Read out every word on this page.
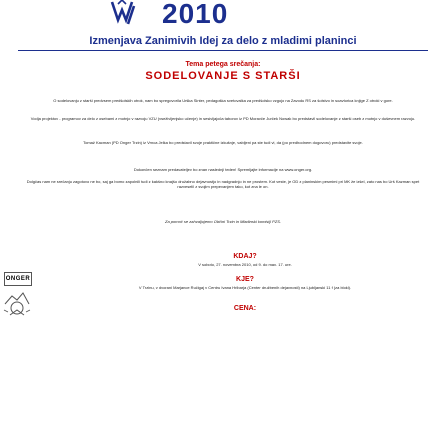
2010
Izmenjava Zanimivih Idej za delo z mladimi planinci
Tema petega srečanja:
SODELOVANJE S STARŠI
O sodelovanju z starši predvsem predšolskih otrok, nam bo spregovorila Urška Sinter, pedagoška svetovalka za predšolsko vzgojo na Zavodu RS za šolstvo in soavtorica knjige Z otroki v gore.
Vodja projektov - programov za delo z osebami z motnjo v razvoju VZU (vseživljenjsko učenje) in sesivljajoča taborov iz PD Moravče Jurček Nowak bo predstavil sodelovanje z starši oseb z motnjo v duševnem razvoju.
Tomaž Kacman (PD Onger Trzin) iz Vrnca Jelka bo predstavil svoje praktične izkušnje, vabljeni pa ste tudi vi, da (po predhodnem dogovoru) predstavite svoje.
Dokončen seznam predavateljev bo znan naslednji teden! Spremljajte informacije na www.onger.org.
Dolgčas nam ne srečanju zagotovo ne bo, saj ga bomo zapolnili tudi z kakšno knajšo družabno dejavnostjo in nadgradnjo in ne prostem. Kot veste, je OD z planinskim pesmimi pri MK že izšel, zato nas bo Urš Kazman spet razveselil z svojim prepevanjem tako, kot zna le on.
Za pomoč se zahvaljujemo Občini Trzin in Mladinski komisiji PZS.
KDAJ?
V soboto, 27. novembra 2010, od 9. do max. 17. ure.
KJE?
V Trzinu, v dvorani Marjance Ručigaj v Centru Ivana Hribarja (Center družbenih dejavnosti) na Ljubljanski 11 f (za bloki).
CENA:
ONGER
